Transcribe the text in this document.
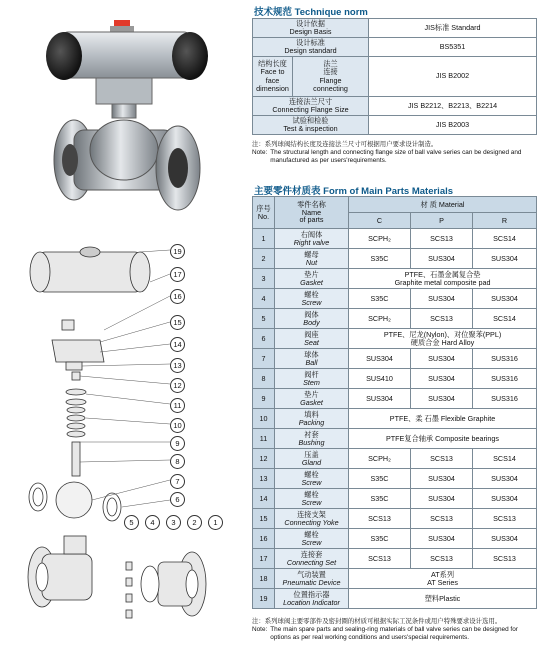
19
17
16
15
14
13
12
11
10
9
8
7
6
5	4	3	2	1
技术规范 Technique norm
设计依据
Design Basis		JIS标准 Standard

设计标准
Design standard		BS5351
结构长度
Face to
face
dimension	法兰
连接
Flange
connecting	JIS B2002

连接法兰尺寸
Connecting Flange Size		JIS B2212、B2213、B2214

试验和检验
Test & inspection		JIS B2003
注：系列球阀结构长度及连接法兰尺寸可根据用户要求设计制造。
Note: The structural length and connecting flange size of ball valve series can be designed and manufactured as per users'requirements.
主要零件材质表 Form of Main Parts Materials
序号
No.	零件名称
Name
of parts	材 质 Material		
		C	P	R
1	右阀体
Right valve	SCPH₂	SCS13	SCS14
2	螺母
Nut	S35C	SUS304	SUS304
3	垫片
Gasket	PTFE、石墨金属复合垫
Graphite metal composite pad		
4	螺栓
Screw	S35C	SUS304	SUS304
5	阀体
Body	SCPH₂	SCS13	SCS14
6	阀座
Seat	PTFE、尼龙(Nylon)、对位聚苯(PPL)
硬质合金 Hard Alloy		
7	球体
Ball	SUS304	SUS304	SUS316
8	阀杆
Stem	SUS410	SUS304	SUS316
9	垫片
Gasket	SUS304	SUS304	SUS316
10	填料
Packing	PTFE、柔 石墨 Flexible Graphite		
11	衬套
Bushing	PTFE复合轴承 Composite bearings		
12	压盖
Gland	SCPH₂	SCS13	SCS14
13	螺栓
Screw	S35C	SUS304	SUS304
14	螺栓
Screw	S35C	SUS304	SUS304
15	连接支架
Connecting Yoke	SCS13	SCS13	SCS13
16	螺栓
Screw	S35C	SUS304	SUS304
17	连接套
Connecting Set	SCS13	SCS13	SCS13
18	气动装置
Pneumatic Device	AT系列
AT Series		
19	位置指示器
Location Indicator	塑料Plastic		
注：系列球阀主要零部件及密封圈的材质可根据实际工况条件或用户特殊要求设计选用。
Note: The main spare parts and sealing-ring materials of ball valve series can be designed for options as per real working conditions and users'special requirements.
